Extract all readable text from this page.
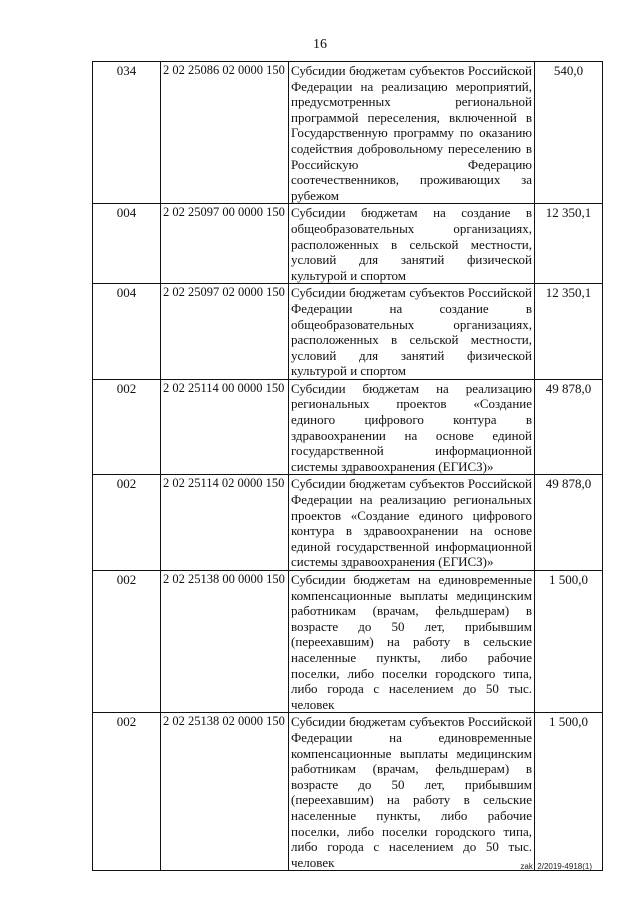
16
034	2 02 25086 02 0000 150	Субсидии бюджетам субъектов Российской Федерации на реализацию мероприятий, предусмотренных региональной программой переселения, включенной в Государственную программу по оказанию содействия добровольному переселению в Российскую Федерацию соотечественников, проживающих за рубежом	540,0
004	2 02 25097 00 0000 150	Субсидии бюджетам на создание в общеобразовательных организациях, расположенных в сельской местности, условий для занятий физической культурой и спортом	12 350,1
004	2 02 25097 02 0000 150	Субсидии бюджетам субъектов Российской Федерации на создание в общеобразовательных организациях, расположенных в сельской местности, условий для занятий физической культурой и спортом	12 350,1
002	2 02 25114 00 0000 150	Субсидии бюджетам на реализацию региональных проектов «Создание единого цифрового контура в здравоохранении на основе единой государственной информационной системы здравоохранения (ЕГИСЗ)»	49 878,0
002	2 02 25114 02 0000 150	Субсидии бюджетам субъектов Российской Федерации на реализацию региональных проектов «Создание единого цифрового контура в здравоохранении на основе единой государственной информационной системы здравоохранения (ЕГИСЗ)»	49 878,0
002	2 02 25138 00 0000 150	Субсидии бюджетам на единовременные компенсационные выплаты медицинским работникам (врачам, фельдшерам) в возрасте до 50 лет, прибывшим (переехавшим) на работу в сельские населенные пункты, либо рабочие поселки, либо поселки городского типа, либо города с населением до 50 тыс. человек	1 500,0
002	2 02 25138 02 0000 150	Субсидии бюджетам субъектов Российской Федерации на единовременные компенсационные выплаты медицинским работникам (врачам, фельдшерам) в возрасте до 50 лет, прибывшим (переехавшим) на работу в сельские населенные пункты, либо рабочие поселки, либо поселки городского типа, либо города с населением до 50 тыс. человек	1 500,0
zak_2/2019-4918(1)
